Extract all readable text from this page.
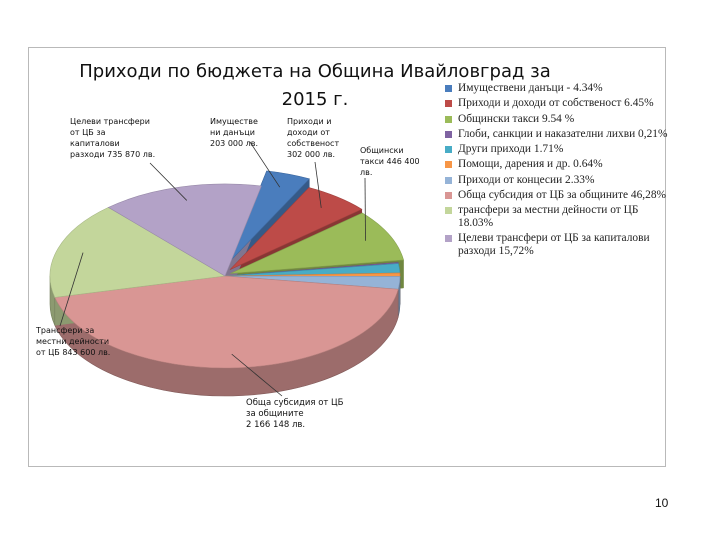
Приходи по бюджета на Община Ивайловград за 2015 г.
Имуществе
ни данъци
203 000 лв.
Приходи и
доходи от
собственост
302 000 лв.	Общински
такси 446 400
лв.
Целеви трансфери
от ЦБ за
капиталови
разходи 735 870 лв.
Трансфери за
местни дейности
от ЦБ 843 600 лв.
Обща субсидия от ЦБ
за общините
2 166 148 лв.
Имуществени данъци - 4.34%
Приходи и доходи от собственост 6.45%
Общински такси 9.54 %
Глоби, санкции и наказателни лихви 0,21%
Други приходи 1.71%
Помощи, дарения и др. 0.64%
Приходи от концесии 2.33%
Обща субсидия от ЦБ за общините 46,28%
трансфери за местни дейности от ЦБ 18.03%
Целеви трансфери от ЦБ за капиталови разходи 15,72%
10
